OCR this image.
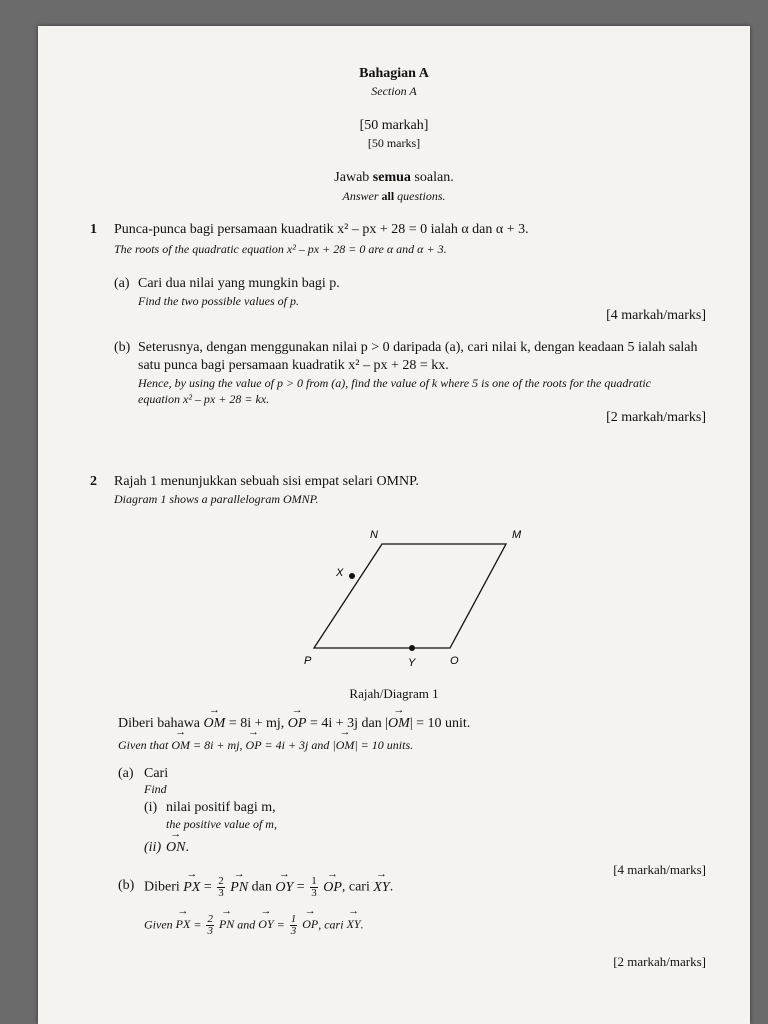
Bahagian A
Section A
[50 markah]
[50 marks]
Jawab semua soalan.
Answer all questions.
1 Punca-punca bagi persamaan kuadratik x² – px + 28 = 0 ialah α dan α + 3.
The roots of the quadratic equation x² – px + 28 = 0 are α and α + 3.
(a) Cari dua nilai yang mungkin bagi p.
Find the two possible values of p.
[4 markah/marks]
(b) Seterusnya, dengan menggunakan nilai p > 0 daripada (a), cari nilai k, dengan keadaan 5 ialah salah
satu punca bagi persamaan kuadratik x² – px + 28 = kx.
Hence, by using the value of p > 0 from (a), find the value of k where 5 is one of the roots for the quadratic
equation x² – px + 28 = kx.
[2 markah/marks]
2 Rajah 1 menunjukkan sebuah sisi empat selari OMNP.
Diagram 1 shows a parallelogram OMNP.
N	M
X
P	Y	O
Rajah/Diagram 1
Diberi bahawa → OM = 8i + mj, → OP = 4i + 3j dan |→ OM| = 10 unit.
Given that → OM = 8i + mj, → OP = 4i + 3j and |→ OM| = 10 units.
(a) Cari
Find
(i) nilai positif bagi m,
the positive value of m,
(ii) → ON.
[4 markah/marks]
(b) Diberi → PX = $\frac{2}{3}$ → PN dan → OY = $\frac{1}{3}$ → OP, cari → XY.
Given → PX = $\frac{2}{3}$ → PN and → OY = $\frac{1}{3}$ → OP, cari → XY.
[2 markah/marks]
